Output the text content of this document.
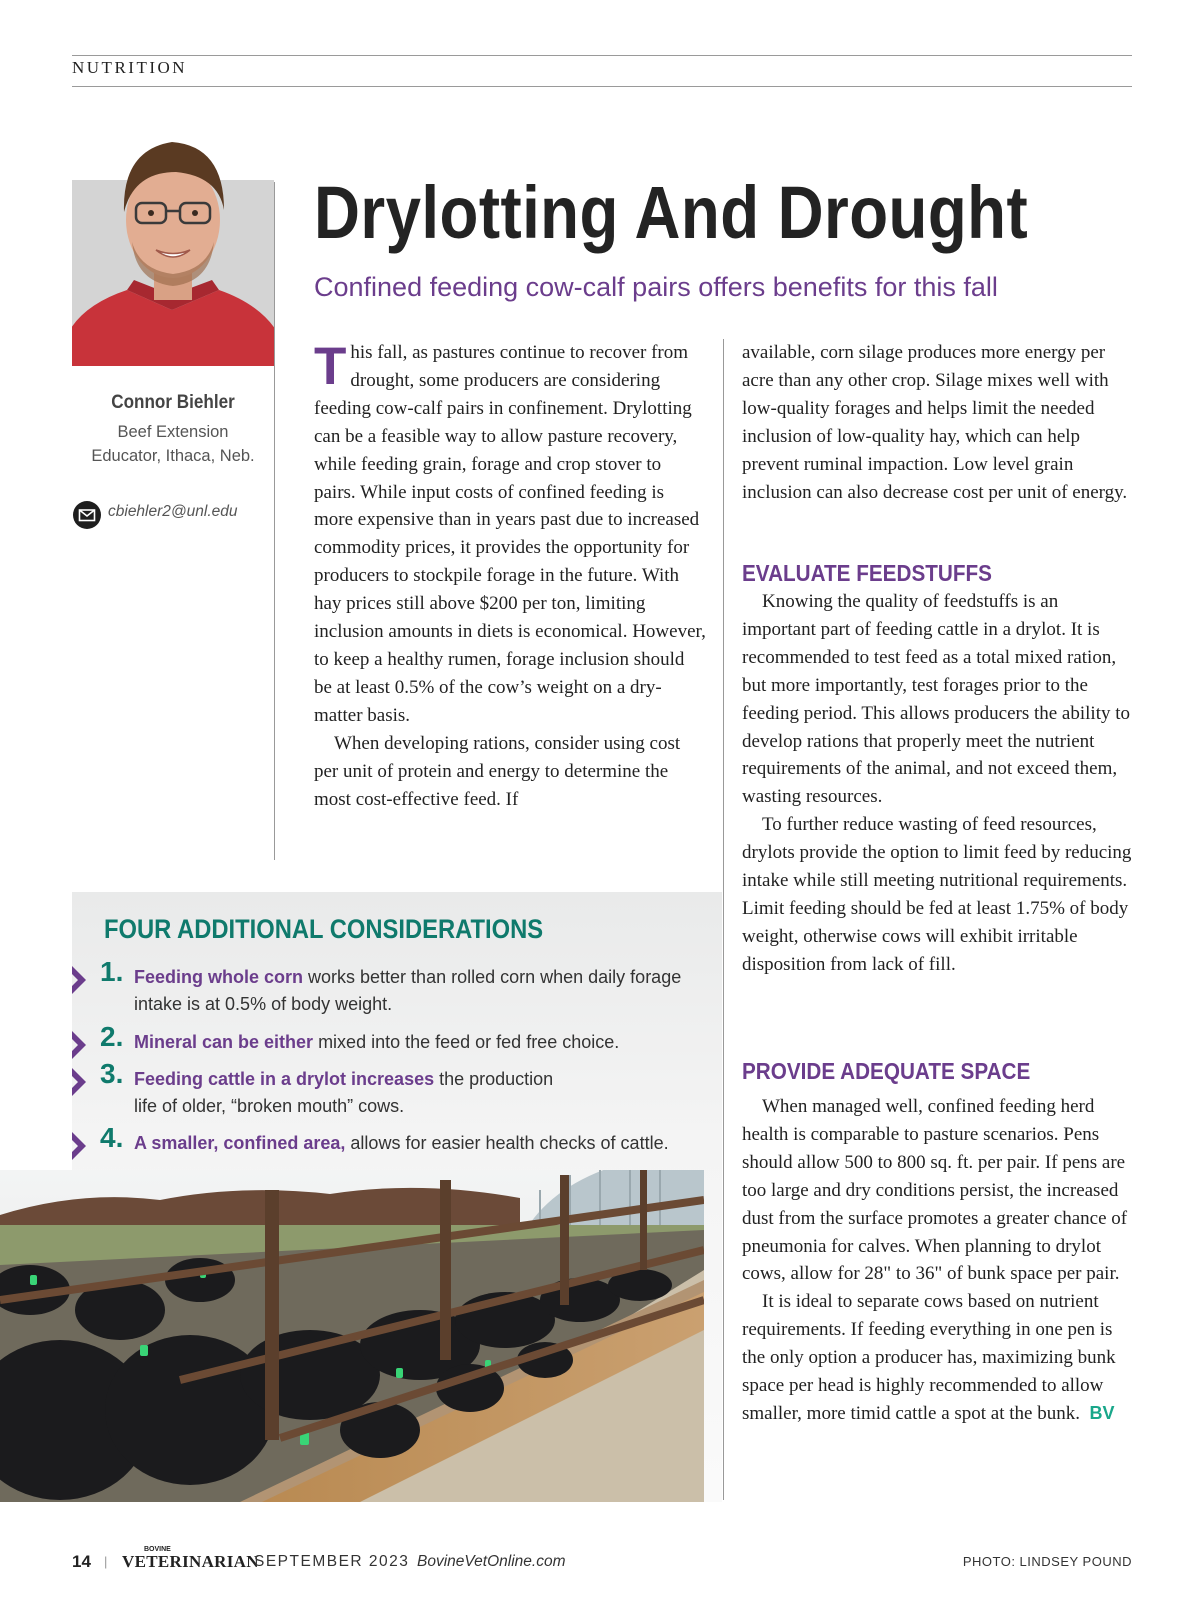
NUTRITION
Connor Biehler
Beef Extension
Educator, Ithaca, Neb.
cbiehler2@unl.edu
Drylotting And Drought
Confined feeding cow-calf pairs offers benefits for this fall

This fall, as pastures continue to recover from drought, some producers are considering feeding cow-calf pairs in confinement. Drylotting can be a feasible way to allow pasture recovery, while feeding grain, forage and crop stover to pairs. While input costs of confined feeding is more expensive than in years past due to increased commodity prices, it provides the opportunity for producers to stockpile forage in the future. With hay prices still above $200 per ton, limiting inclusion amounts in diets is economical. However, to keep a healthy rumen, forage inclusion should be at least 0.5% of the cow’s weight on a dry-matter basis.

When developing rations, consider using cost per unit of protein and energy to determine the most cost-effective feed. If

available, corn silage produces more energy per acre than any other crop. Silage mixes well with low-quality forages and helps limit the needed inclusion of low-quality hay, which can help prevent ruminal impaction. Low level grain inclusion can also decrease cost per unit of energy.

EVALUATE FEEDSTUFFS

Knowing the quality of feedstuffs is an important part of feeding cattle in a drylot. It is recommended to test feed as a total mixed ration, but more importantly, test forages prior to the feeding period. This allows producers the ability to develop rations that properly meet the nutrient requirements of the animal, and not exceed them, wasting resources.

To further reduce wasting of feed resources, drylots provide the option to limit feed by reducing intake while still meeting nutritional requirements. Limit feeding should be fed at least 1.75% of body weight, otherwise cows will exhibit irritable disposition from lack of fill.

PROVIDE ADEQUATE SPACE

When managed well, confined feeding herd health is comparable to pasture scenarios. Pens should allow 500 to 800 sq. ft. per pair. If pens are too large and dry conditions persist, the increased dust from the surface promotes a greater chance of pneumonia for calves. When planning to drylot cows, allow for 28" to 36" of bunk space per pair.

It is ideal to separate cows based on nutrient requirements. If feeding everything in one pen is the only option a producer has, maximizing bunk space per head is highly recommended to allow smaller, more timid cattle a spot at the bunk. BV

FOUR ADDITIONAL CONSIDERATIONS
1. Feeding whole corn works better than rolled corn when daily forage intake is at 0.5% of body weight.
2. Mineral can be either mixed into the feed or fed free choice.
3. Feeding cattle in a drylot increases the production life of older, “broken mouth” cows.
4. A smaller, confined area, allows for easier health checks of cattle.
14 |
BOVINE
VETERINARIAN
SEPTEMBER 2023 BovineVetOnline.com	PHOTO: LINDSEY POUND
